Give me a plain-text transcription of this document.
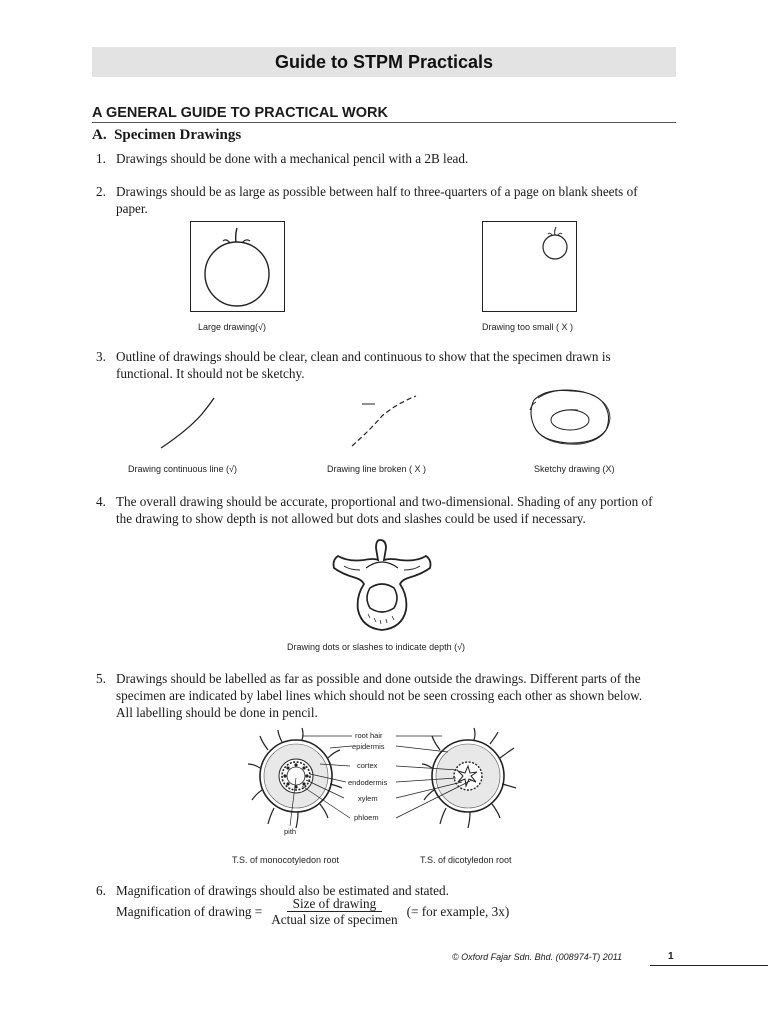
Guide to STPM Practicals
A GENERAL GUIDE TO PRACTICAL WORK
A.  Specimen Drawings
1. Drawings should be done with a mechanical pencil with a 2B lead.
2. Drawings should be as large as possible between half to three-quarters of a page on blank sheets of paper.
Large drawing(√)	Drawing too small ( X )
3. Outline of drawings should be clear, clean and continuous to show that the specimen drawn is functional. It should not be sketchy.
Drawing continuous line (√)	Drawing line broken ( X )	Sketchy drawing (X)
4. The overall drawing should be accurate, proportional and two-dimensional. Shading of any portion of the drawing to show depth is not allowed but dots and slashes could be used if necessary.
Drawing dots or slashes to indicate depth (√)
5. Drawings should be labelled as far as possible and done outside the drawings. Different parts of the specimen are indicated by label lines which should not be seen crossing each other as shown below. All labelling should be done in pencil.
root hair
epidermis
cortex
endodermis
xylem
phloem
pith
T.S. of monocotyledon root	T.S. of dicotyledon root
6. Magnification of drawings should also be estimated and stated.
Magnification of drawing = $\frac{\text{Size of drawing}}{\text{Actual size of specimen}}$ (= for example, 3x)
© Oxford Fajar Sdn. Bhd. (008974-T) 2011	1
